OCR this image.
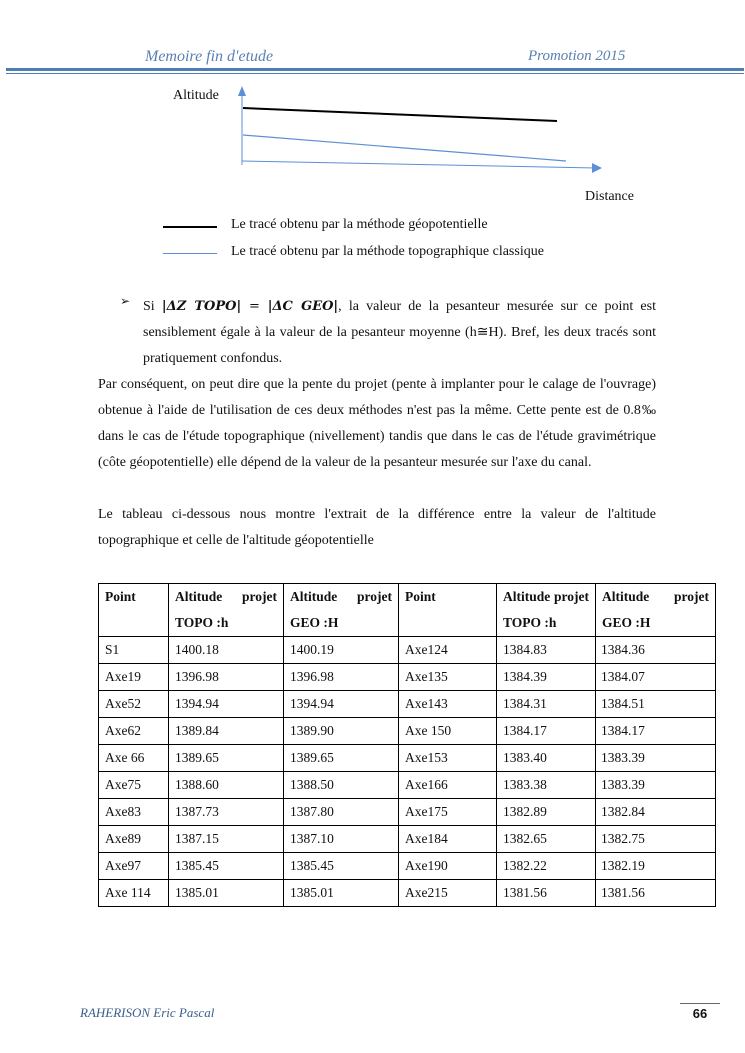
Memoire fin d'etude	Promotion 2015
Altitude
Distance
Le tracé obtenu par la méthode géopotentielle
Le tracé obtenu par la méthode topographique classique
➢ Si |ΔZ TOPO| = |ΔC GEO|, la valeur de la pesanteur mesurée sur ce point est sensiblement égale à la valeur de la pesanteur moyenne (h≅H). Bref, les deux tracés sont pratiquement confondus.
Par conséquent, on peut dire que la pente du projet (pente à implanter pour le calage de l'ouvrage) obtenue à l'aide de l'utilisation de ces deux méthodes n'est pas la même. Cette pente est de 0.8‰ dans le cas de l'étude topographique (nivellement) tandis que dans le cas de l'étude gravimétrique (côte géopotentielle) elle dépend de la valeur de la pesanteur mesurée sur l'axe du canal.
Le tableau ci-dessous nous montre l'extrait de la différence entre la valeur de l'altitude topographique et celle de l'altitude géopotentielle
Point	Altitude projet TOPO :h	Altitude projet GEO :H	Point	Altitude projet TOPO :h	Altitude projet GEO :H
S1	1400.18	1400.19	Axe124	1384.83	1384.36
Axe19	1396.98	1396.98	Axe135	1384.39	1384.07
Axe52	1394.94	1394.94	Axe143	1384.31	1384.51
Axe62	1389.84	1389.90	Axe 150	1384.17	1384.17
Axe 66	1389.65	1389.65	Axe153	1383.40	1383.39
Axe75	1388.60	1388.50	Axe166	1383.38	1383.39
Axe83	1387.73	1387.80	Axe175	1382.89	1382.84
Axe89	1387.15	1387.10	Axe184	1382.65	1382.75
Axe97	1385.45	1385.45	Axe190	1382.22	1382.19
Axe 114	1385.01	1385.01	Axe215	1381.56	1381.56
RAHERISON Eric Pascal	66
